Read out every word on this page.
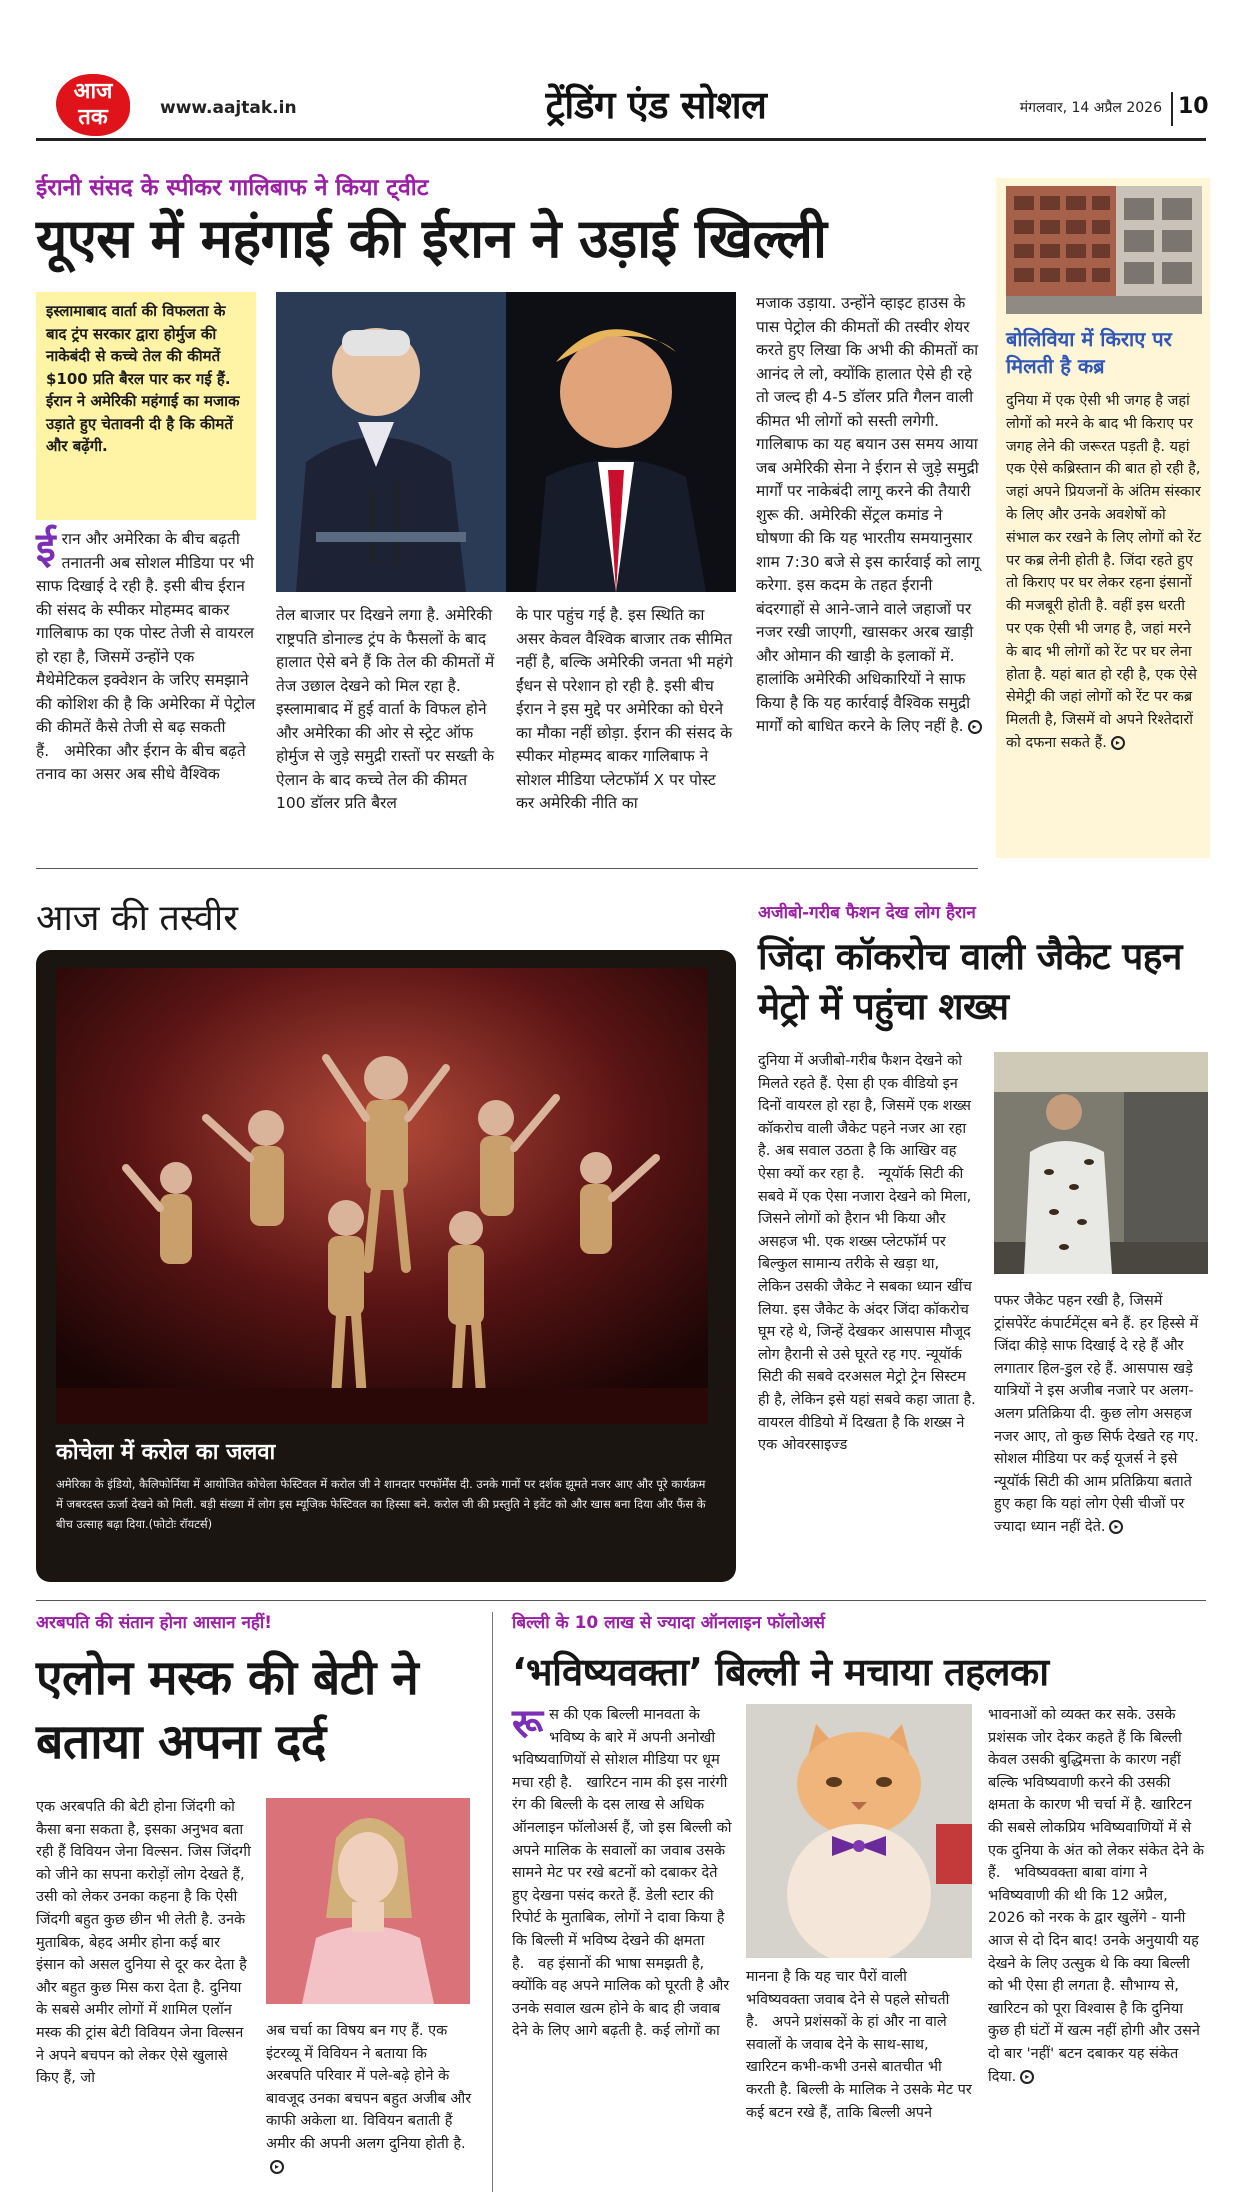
आज
तक	www.aajtak.in	ट्रेंडिंग एंड सोशल	मंगलवार, 14 अप्रैल 2026 10
ईरानी संसद के स्पीकर गालिबाफ ने किया ट्वीट
यूएस में महंगाई की ईरान ने उड़ाई खिल्ली
इस्लामाबाद वार्ता की विफलता के बाद ट्रंप सरकार द्वारा होर्मुज की नाकेबंदी से कच्चे तेल की कीमतें $100 प्रति बैरल पार कर गई हैं. ईरान ने अमेरिकी महंगाई का मजाक उड़ाते हुए चेतावनी दी है कि कीमतें और बढ़ेंगी.
ईरान और अमेरिका के बीच बढ़ती तनातनी अब सोशल मीडिया पर भी साफ दिखाई दे रही है. इसी बीच ईरान की संसद के स्पीकर मोहम्मद बाकर गालिबाफ का एक पोस्ट तेजी से वायरल हो रहा है, जिसमें उन्होंने एक मैथेमेटिकल इक्वेशन के जरिए समझाने की कोशिश की है कि अमेरिका में पेट्रोल की कीमतें कैसे तेजी से बढ़ सकती हैं.   अमेरिका और ईरान के बीच बढ़ते तनाव का असर अब सीधे वैश्विक
तेल बाजार पर दिखने लगा है. अमेरिकी राष्ट्रपति डोनाल्ड ट्रंप के फैसलों के बाद हालात ऐसे बने हैं कि तेल की कीमतों में तेज उछाल देखने को मिल रहा है. इस्लामाबाद में हुई वार्ता के विफल होने और अमेरिका की ओर से स्ट्रेट ऑफ होर्मुज से जुड़े समुद्री रास्तों पर सख्ती के ऐलान के बाद कच्चे तेल की कीमत 100 डॉलर प्रति बैरल
के पार पहुंच गई है. इस स्थिति का असर केवल वैश्विक बाजार तक सीमित नहीं है, बल्कि अमेरिकी जनता भी महंगे ईंधन से परेशान हो रही है. इसी बीच ईरान ने इस मुद्दे पर अमेरिका को घेरने का मौका नहीं छोड़ा. ईरान की संसद के स्पीकर मोहम्मद बाकर गालिबाफ ने सोशल मीडिया प्लेटफॉर्म X पर पोस्ट कर अमेरिकी नीति का
मजाक उड़ाया. उन्होंने व्हाइट हाउस के पास पेट्रोल की कीमतों की तस्वीर शेयर करते हुए लिखा कि अभी की कीमतों का आनंद ले लो, क्योंकि हालात ऐसे ही रहे तो जल्द ही 4-5 डॉलर प्रति गैलन वाली कीमत भी लोगों को सस्ती लगेगी. गालिबाफ का यह बयान उस समय आया जब अमेरिकी सेना ने ईरान से जुड़े समुद्री मार्गों पर नाकेबंदी लागू करने की तैयारी शुरू की. अमेरिकी सेंट्रल कमांड ने घोषणा की कि यह भारतीय समयानुसार शाम 7:30 बजे से इस कार्रवाई को लागू करेगा. इस कदम के तहत ईरानी बंदरगाहों से आने-जाने वाले जहाजों पर नजर रखी जाएगी, खासकर अरब खाड़ी और ओमान की खाड़ी के इलाकों में. हालांकि अमेरिकी अधिकारियों ने साफ किया है कि यह कार्रवाई वैश्विक समुद्री मार्गों को बाधित करने के लिए नहीं है. ▸
बोलिविया में किराए पर मिलती है कब्र
दुनिया में एक ऐसी भी जगह है जहां लोगों को मरने के बाद भी किराए पर जगह लेने की जरूरत पड़ती है. यहां एक ऐसे कब्रिस्तान की बात हो रही है, जहां अपने प्रियजनों के अंतिम संस्कार के लिए और उनके अवशेषों को संभाल कर रखने के लिए लोगों को रेंट पर कब्र लेनी होती है. जिंदा रहते हुए तो किराए पर घर लेकर रहना इंसानों की मजबूरी होती है. वहीं इस धरती पर एक ऐसी भी जगह है, जहां मरने के बाद भी लोगों को रेंट पर घर लेना होता है. यहां बात हो रही है, एक ऐसे सेमेट्री की जहां लोगों को रेंट पर कब्र मिलती है, जिसमें वो अपने रिश्तेदारों को दफना सकते हैं. ▸
आज की तस्वीर
कोचेला में करोल का जलवा
अमेरिका के इंडियो, कैलिफोर्निया में आयोजित कोचेला फेस्टिवल में करोल जी ने शानदार परफॉर्मेंस दी. उनके गानों पर दर्शक झूमते नजर आए और पूरे कार्यक्रम में जबरदस्त ऊर्जा देखने को मिली. बड़ी संख्या में लोग इस म्यूजिक फेस्टिवल का हिस्सा बने. करोल जी की प्रस्तुति ने इवेंट को और खास बना दिया और फैंस के बीच उत्साह बढ़ा दिया.(फोटोः रॉयटर्स)
अजीबो-गरीब फैशन देख लोग हैरान
जिंदा कॉकरोच वाली जैकेट पहन मेट्रो में पहुंचा शख्स
दुनिया में अजीबो-गरीब फैशन देखने को मिलते रहते हैं. ऐसा ही एक वीडियो इन दिनों वायरल हो रहा है, जिसमें एक शख्स कॉकरोच वाली जैकेट पहने नजर आ रहा है. अब सवाल उठता है कि आखिर वह ऐसा क्यों कर रहा है.   न्यूयॉर्क सिटी की सबवे में एक ऐसा नजारा देखने को मिला, जिसने लोगों को हैरान भी किया और असहज भी. एक शख्स प्लेटफॉर्म पर बिल्कुल सामान्य तरीके से खड़ा था, लेकिन उसकी जैकेट ने सबका ध्यान खींच लिया. इस जैकेट के अंदर जिंदा कॉकरोच घूम रहे थे, जिन्हें देखकर आसपास मौजूद लोग हैरानी से उसे घूरते रह गए. न्यूयॉर्क सिटी की सबवे दरअसल मेट्रो ट्रेन सिस्टम ही है, लेकिन इसे यहां सबवे कहा जाता है. वायरल वीडियो में दिखता है कि शख्स ने एक ओवरसाइज्ड
पफर जैकेट पहन रखी है, जिसमें ट्रांसपेरेंट कंपार्टमेंट्स बने हैं. हर हिस्से में जिंदा कीड़े साफ दिखाई दे रहे हैं और लगातार हिल-डुल रहे हैं. आसपास खड़े यात्रियों ने इस अजीब नजारे पर अलग-अलग प्रतिक्रिया दी. कुछ लोग असहज नजर आए, तो कुछ सिर्फ देखते रह गए. सोशल मीडिया पर कई यूजर्स ने इसे न्यूयॉर्क सिटी की आम प्रतिक्रिया बताते हुए कहा कि यहां लोग ऐसी चीजों पर ज्यादा ध्यान नहीं देते. ▸
अरबपति की संतान होना आसान नहीं!
एलोन मस्क की बेटी ने बताया अपना दर्द
एक अरबपति की बेटी होना जिंदगी को कैसा बना सकता है, इसका अनुभव बता रही हैं विवियन जेना विल्सन. जिस जिंदगी को जीने का सपना करोड़ों लोग देखते हैं, उसी को लेकर उनका कहना है कि ऐसी जिंदगी बहुत कुछ छीन भी लेती है. उनके मुताबिक, बेहद अमीर होना कई बार इंसान को असल दुनिया से दूर कर देता है और बहुत कुछ मिस करा देता है. दुनिया के सबसे अमीर लोगों में शामिल एलॉन मस्क की ट्रांस बेटी विवियन जेना विल्सन ने अपने बचपन को लेकर ऐसे खुलासे किए हैं, जो
अब चर्चा का विषय बन गए हैं. एक इंटरव्यू में विवियन ने बताया कि अरबपति परिवार में पले-बढ़े होने के बावजूद उनका बचपन बहुत अजीब और काफी अकेला था. विवियन बताती हैं अमीर की अपनी अलग दुनिया होती है.▸
बिल्ली के 10 लाख से ज्यादा ऑनलाइन फॉलोअर्स
‘भविष्यवक्ता’ बिल्ली ने मचाया तहलका
रूस की एक बिल्ली मानवता के भविष्य के बारे में अपनी अनोखी भविष्यवाणियों से सोशल मीडिया पर धूम मचा रही है.   खारिटन नाम की इस नारंगी रंग की बिल्ली के दस लाख से अधिक ऑनलाइन फॉलोअर्स हैं, जो इस बिल्ली को अपने मालिक के सवालों का जवाब उसके सामने मेट पर रखे बटनों को दबाकर देते हुए देखना पसंद करते हैं. डेली स्टार की रिपोर्ट के मुताबिक, लोगों ने दावा किया है कि बिल्ली में भविष्य देखने की क्षमता है.   वह इंसानों की भाषा समझती है, क्योंकि वह अपने मालिक को घूरती है और उनके सवाल खत्म होने के बाद ही जवाब देने के लिए आगे बढ़ती है. कई लोगों का
मानना है कि यह चार पैरों वाली भविष्यवक्ता जवाब देने से पहले सोचती है.   अपने प्रशंसकों के हां और ना वाले सवालों के जवाब देने के साथ-साथ, खारिटन कभी-कभी उनसे बातचीत भी करती है. बिल्ली के मालिक ने उसके मेट पर कई बटन रखे हैं, ताकि बिल्ली अपने
भावनाओं को व्यक्त कर सके. उसके प्रशंसक जोर देकर कहते हैं कि बिल्ली केवल उसकी बुद्धिमत्ता के कारण नहीं बल्कि भविष्यवाणी करने की उसकी क्षमता के कारण भी चर्चा में है. खारिटन की सबसे लोकप्रिय भविष्यवाणियों में से एक दुनिया के अंत को लेकर संकेत देने के हैं.   भविष्यवक्ता बाबा वांगा ने भविष्यवाणी की थी कि 12 अप्रैल, 2026 को नरक के द्वार खुलेंगे - यानी आज से दो दिन बाद! उनके अनुयायी यह देखने के लिए उत्सुक थे कि क्या बिल्ली को भी ऐसा ही लगता है. सौभाग्य से, खारिटन को पूरा विश्वास है कि दुनिया कुछ ही घंटों में खत्म नहीं होगी और उसने दो बार 'नहीं' बटन दबाकर यह संकेत दिया. ▸
